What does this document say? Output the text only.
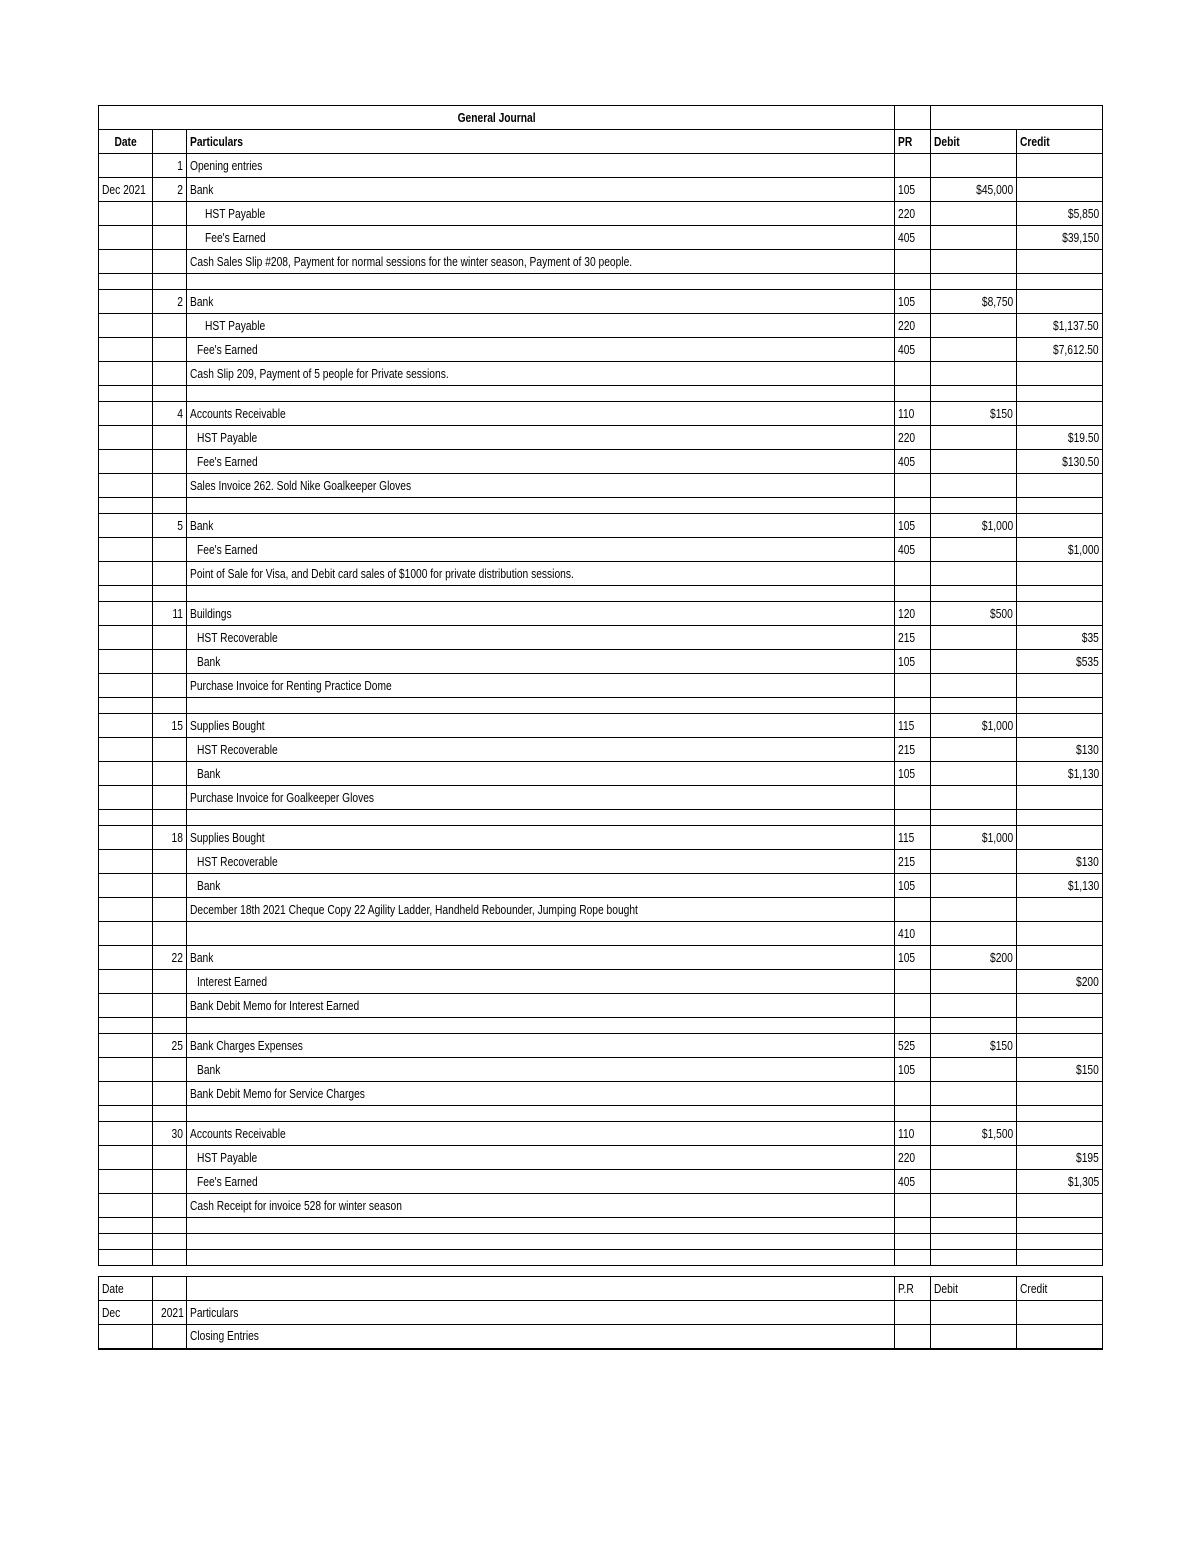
General Journal					
Date		Particulars	PR	Debit	Credit
	1	Opening entries			
Dec 2021	2	Bank	105	$45,000	
		HST Payable	220		$5,850
		Fee's Earned	405		$39,150
		Cash Sales Slip #208, Payment for normal sessions for the winter season, Payment of 30 people.			

	2	Bank	105	$8,750	
		HST Payable	220		$1,137.50
		Fee's Earned	405		$7,612.50
		Cash Slip 209, Payment of 5 people for Private sessions.			

	4	Accounts Receivable	110	$150	
		HST Payable	220		$19.50
		Fee's Earned	405		$130.50
		Sales Invoice 262. Sold Nike Goalkeeper Gloves			

	5	Bank	105	$1,000	
		Fee's Earned	405		$1,000
		Point of Sale for Visa, and Debit card sales of $1000 for private distribution sessions.			

	11	Buildings	120	$500	
		HST Recoverable	215		$35
		Bank	105		$535
		Purchase Invoice for Renting Practice Dome			

	15	Supplies Bought	115	$1,000	
		HST Recoverable	215		$130
		Bank	105		$1,130
		Purchase Invoice for Goalkeeper Gloves			

	18	Supplies Bought	115	$1,000	
		HST Recoverable	215		$130
		Bank	105		$1,130
		December 18th 2021 Cheque Copy 22 Agility Ladder, Handheld Rebounder, Jumping Rope bought			
			410		
	22	Bank	105	$200	
		Interest Earned			$200
		Bank Debit Memo for Interest Earned			

	25	Bank Charges Expenses	525	$150	
		Bank	105		$150
		Bank Debit Memo for Service Charges			

	30	Accounts Receivable	110	$1,500	
		HST Payable	220		$195
		Fee's Earned	405		$1,305
		Cash Receipt for invoice 528 for winter season			

Date			P.R	Debit	Credit
Dec	2021	Particulars			
		Closing Entries			
